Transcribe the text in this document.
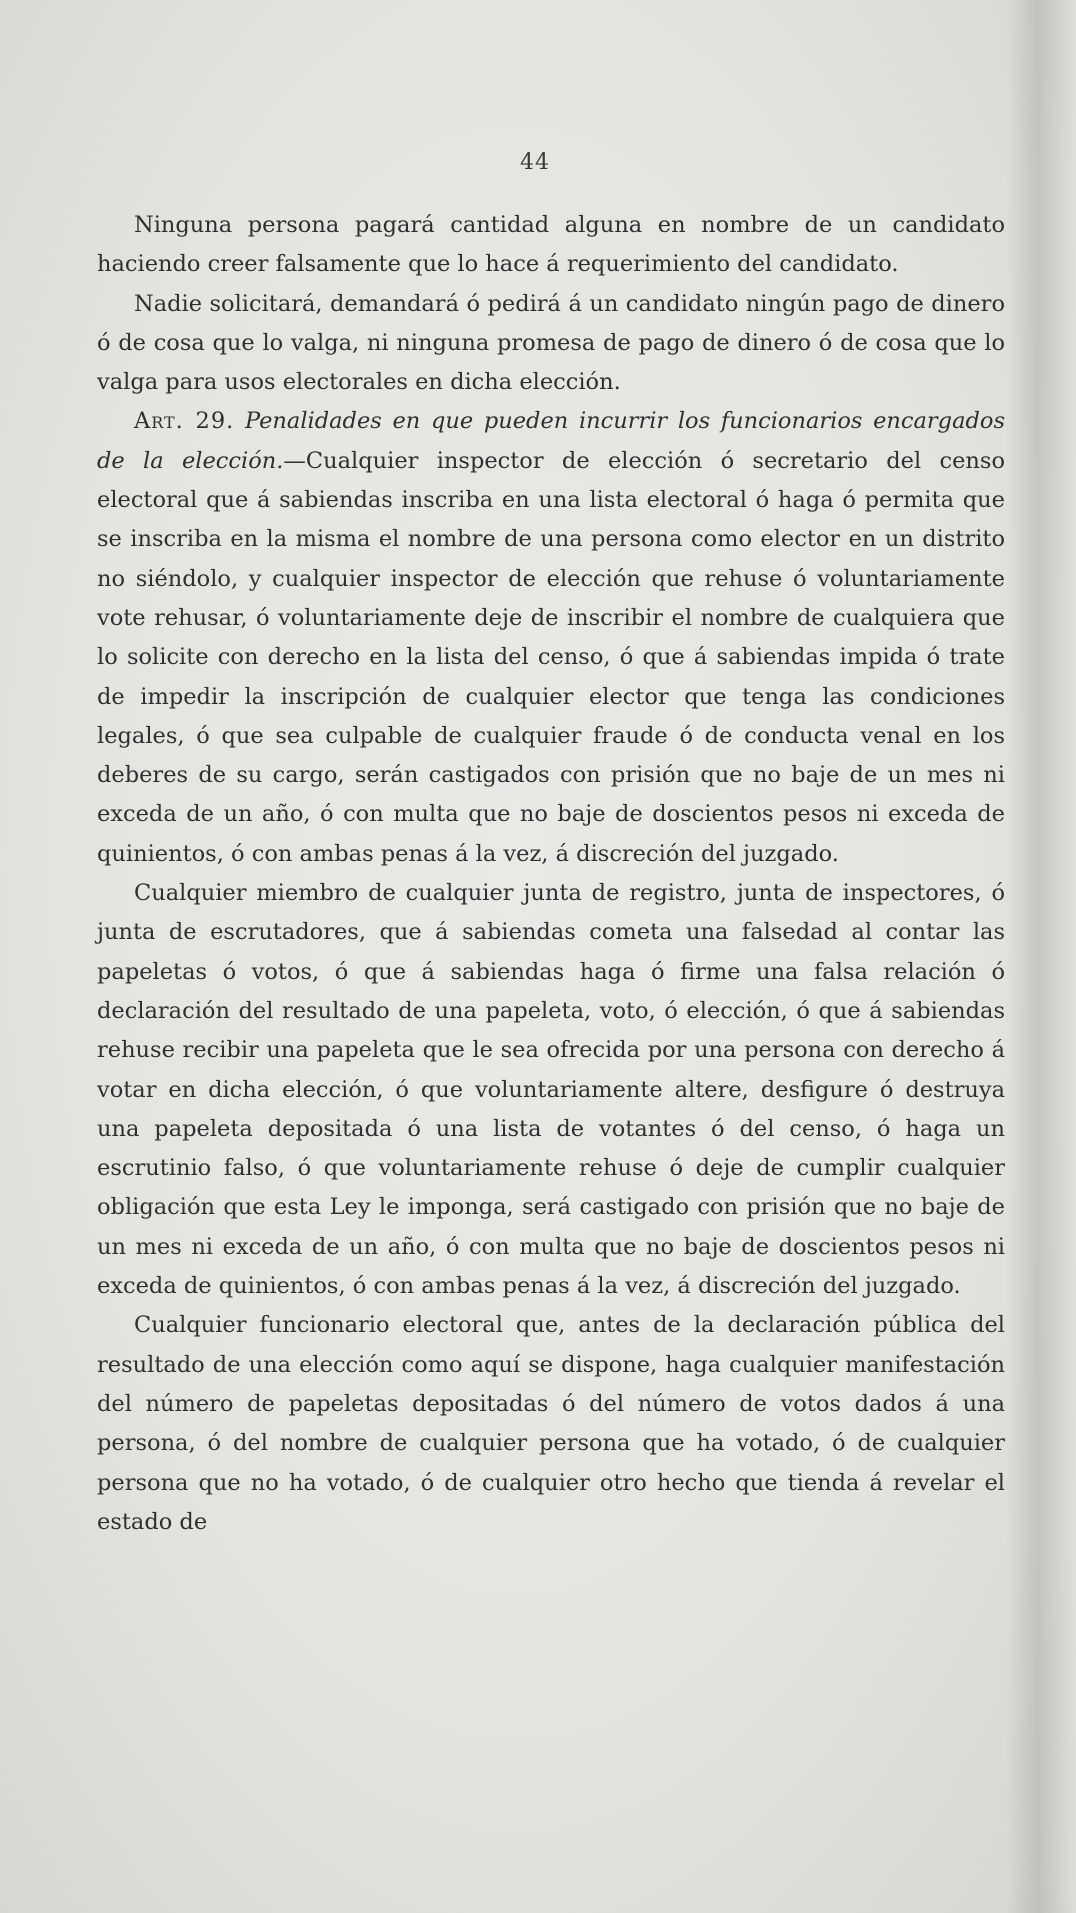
44

Ninguna persona pagará cantidad alguna en nombre de un candidato haciendo creer falsamente que lo hace á requerimiento del candidato.

Nadie solicitará, demandará ó pedirá á un candidato ningún pago de dinero ó de cosa que lo valga, ni ninguna promesa de pago de dinero ó de cosa que lo valga para usos electorales en dicha elección.

Art. 29. Penalidades en que pueden incurrir los funcionarios encargados de la elección.—Cualquier inspector de elección ó secretario del censo electoral que á sabiendas inscriba en una lista electoral ó haga ó permita que se inscriba en la misma el nombre de una persona como elector en un distrito no siéndolo, y cualquier inspector de elección que rehuse ó voluntariamente vote rehusar, ó voluntariamente deje de inscribir el nombre de cualquiera que lo solicite con derecho en la lista del censo, ó que á sabiendas impida ó trate de impedir la inscripción de cualquier elector que tenga las condiciones legales, ó que sea culpable de cualquier fraude ó de conducta venal en los deberes de su cargo, serán castigados con prisión que no baje de un mes ni exceda de un año, ó con multa que no baje de doscientos pesos ni exceda de quinientos, ó con ambas penas á la vez, á discreción del juzgado.

Cualquier miembro de cualquier junta de registro, junta de inspectores, ó junta de escrutadores, que á sabiendas cometa una falsedad al contar las papeletas ó votos, ó que á sabiendas haga ó firme una falsa relación ó declaración del resultado de una papeleta, voto, ó elección, ó que á sabiendas rehuse recibir una papeleta que le sea ofrecida por una persona con derecho á votar en dicha elección, ó que voluntariamente altere, desfigure ó destruya una papeleta depositada ó una lista de votantes ó del censo, ó haga un escrutinio falso, ó que voluntariamente rehuse ó deje de cumplir cualquier obligación que esta Ley le imponga, será castigado con prisión que no baje de un mes ni exceda de un año, ó con multa que no baje de doscientos pesos ni exceda de quinientos, ó con ambas penas á la vez, á discreción del juzgado.

Cualquier funcionario electoral que, antes de la declaración pública del resultado de una elección como aquí se dispone, haga cualquier manifestación del número de papeletas depositadas ó del número de votos dados á una persona, ó del nombre de cualquier persona que ha votado, ó de cualquier persona que no ha votado, ó de cualquier otro hecho que tienda á revelar el estado de
